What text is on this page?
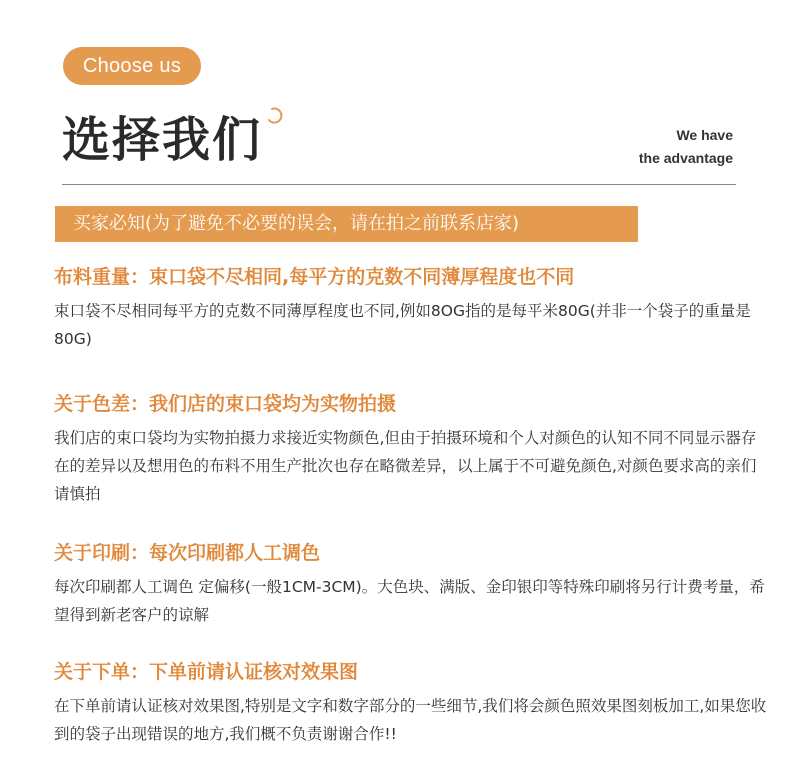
Choose us
选择我们	We have
the advantage
买家必知(为了避免不必要的误会，请在拍之前联系店家)
布料重量：束口袋不尽相同,每平方的克数不同薄厚程度也不同

束口袋不尽相同每平方的克数不同薄厚程度也不同,例如8OG指的是每平米80G(并非一个袋子的重量是80G)

关于色差：我们店的束口袋均为实物拍摄

我们店的束口袋均为实物拍摄力求接近实物颜色,但由于拍摄环境和个人对颜色的认知不同不同显示器存在的差异以及想用色的布料不用生产批次也存在略微差异，以上属于不可避免颜色,对颜色要求高的亲们请慎拍

关于印刷：每次印刷都人工调色

每次印刷都人工调色 定偏移(一般1CM-3CM)。大色块、满版、金印银印等特殊印刷将另行计费考量，希望得到新老客户的谅解

关于下单：下单前请认证核对效果图

在下单前请认证核对效果图,特别是文字和数字部分的一些细节,我们将会颜色照效果图刻板加工,如果您收到的袋子出现错误的地方,我们概不负责谢谢合作!!
